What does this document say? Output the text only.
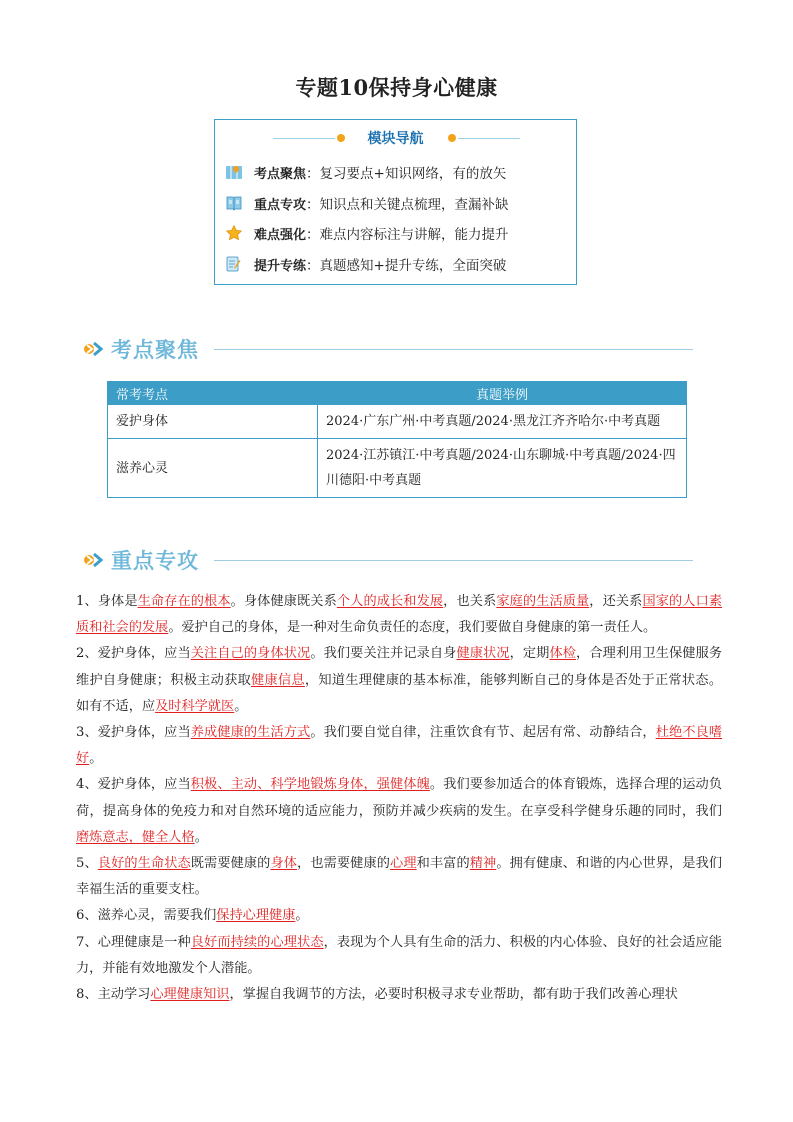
专题10保持身心健康
模块导航
考点聚焦 ： 复习要点+知识网络，有的放矢
重点专攻 ： 知识点和关键点梳理，查漏补缺
难点强化 ： 难点内容标注与讲解，能力提升
提升专练 ： 真题感知+提升专练，全面突破
考点聚焦
常考考点	真题举例
爱护身体	2024·广东广州·中考真题/2024·黑龙江齐齐哈尔·中考真题
滋养心灵	2024·江苏镇江·中考真题/2024·山东聊城·中考真题/2024·四川德阳·中考真题
重点专攻

1、身体是生命存在的根本。身体健康既关系个人的成长和发展，也关系家庭的生活质量，还关系国家的人口素质和社会的发展。爱护自己的身体，是一种对生命负责任的态度，我们要做自身健康的第一责任人。

2、爱护身体，应当关注自己的身体状况。我们要关注并记录自身健康状况，定期体检，合理利用卫生保健服务维护自身健康；积极主动获取健康信息，知道生理健康的基本标准，能够判断自己的身体是否处于正常状态。如有不适，应及时科学就医。

3、爱护身体，应当养成健康的生活方式。我们要自觉自律，注重饮食有节、起居有常、动静结合，杜绝不良嗜好。

4、爱护身体，应当积极、主动、科学地锻炼身体，强健体魄。我们要参加适合的体育锻炼，选择合理的运动负荷，提高身体的免疫力和对自然环境的适应能力，预防并减少疾病的发生。在享受科学健身乐趣的同时，我们磨炼意志，健全人格。

5、良好的生命状态既需要健康的身体，也需要健康的心理和丰富的精神。拥有健康、和谐的内心世界，是我们幸福生活的重要支柱。

6、滋养心灵，需要我们保持心理健康。

7、心理健康是一种良好而持续的心理状态，表现为个人具有生命的活力、积极的内心体验、良好的社会适应能力，并能有效地激发个人潜能。

8、主动学习心理健康知识，掌握自我调节的方法，必要时积极寻求专业帮助，都有助于我们改善心理状
